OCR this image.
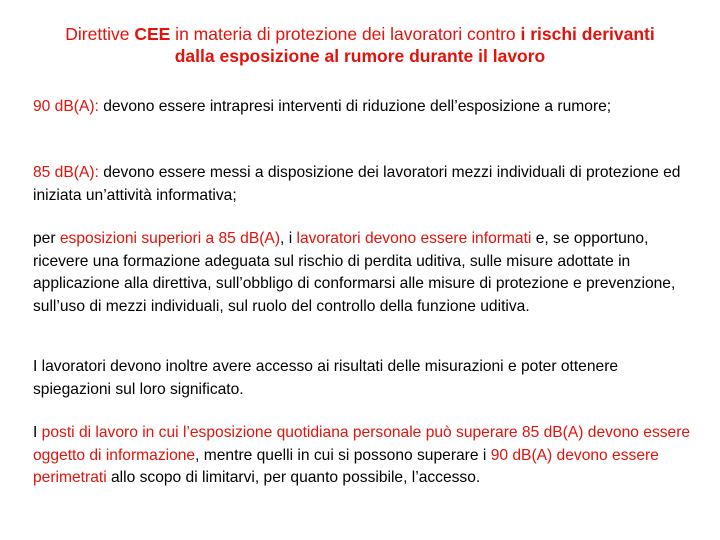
Direttive CEE in materia di protezione dei lavoratori contro i rischi derivanti
dalla esposizione al rumore durante il lavoro

90 dB(A): devono essere intrapresi interventi di riduzione dell’esposizione a rumore;

85 dB(A): devono essere messi a disposizione dei lavoratori mezzi individuali di protezione ed iniziata un’attività informativa;

per esposizioni superiori a 85 dB(A), i lavoratori devono essere informati e, se opportuno, ricevere una formazione adeguata sul rischio di perdita uditiva, sulle misure adottate in applicazione alla direttiva, sull’obbligo di conformarsi alle misure di protezione e prevenzione, sull’uso di mezzi individuali, sul ruolo del controllo della funzione uditiva.

I lavoratori devono inoltre avere accesso ai risultati delle misurazioni e poter ottenere spiegazioni sul loro significato.

I posti di lavoro in cui l’esposizione quotidiana personale può superare 85 dB(A) devono essere oggetto di informazione, mentre quelli in cui si possono superare i 90 dB(A) devono essere perimetrati allo scopo di limitarvi, per quanto possibile, l’accesso.
